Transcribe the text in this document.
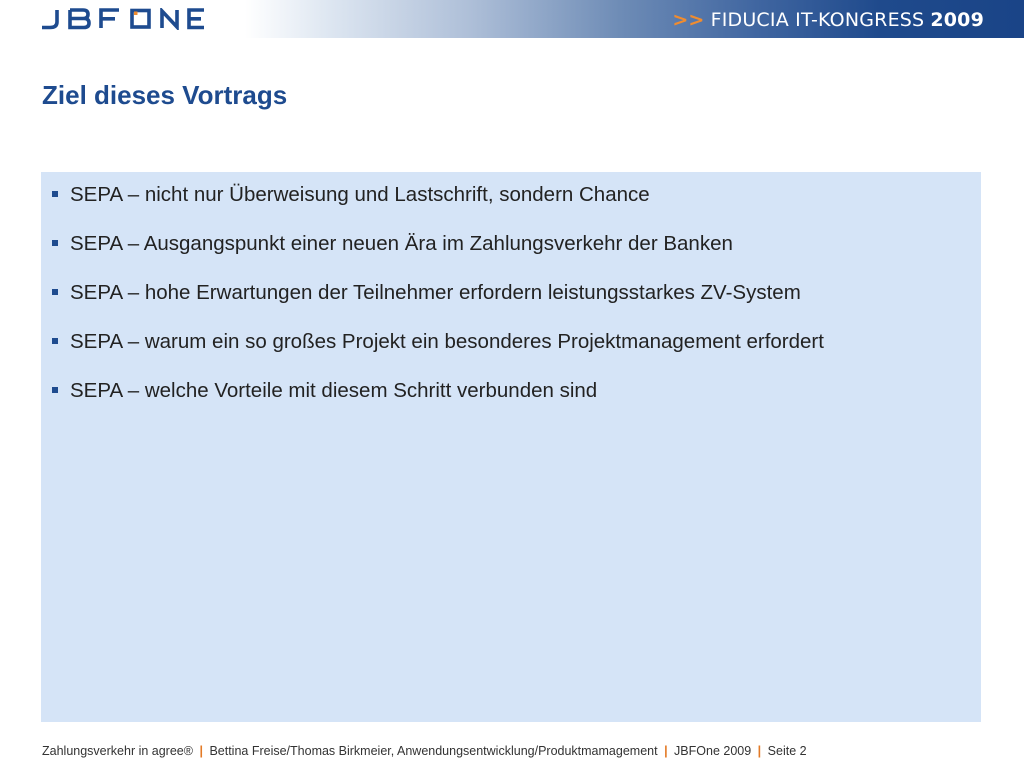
>> FIDUCIA IT-KONGRESS 2009
Ziel dieses Vortrags
SEPA – nicht nur Überweisung und Lastschrift, sondern Chance
SEPA – Ausgangspunkt einer neuen Ära im Zahlungsverkehr der Banken
SEPA – hohe Erwartungen der Teilnehmer erfordern leistungsstarkes ZV-System
SEPA – warum ein so großes Projekt ein besonderes Projektmanagement erfordert
SEPA – welche Vorteile mit diesem Schritt verbunden sind
Zahlungsverkehr in agree® | Bettina Freise/Thomas Birkmeier, Anwendungsentwicklung/Produktmamagement | JBFOne 2009 | Seite 2
